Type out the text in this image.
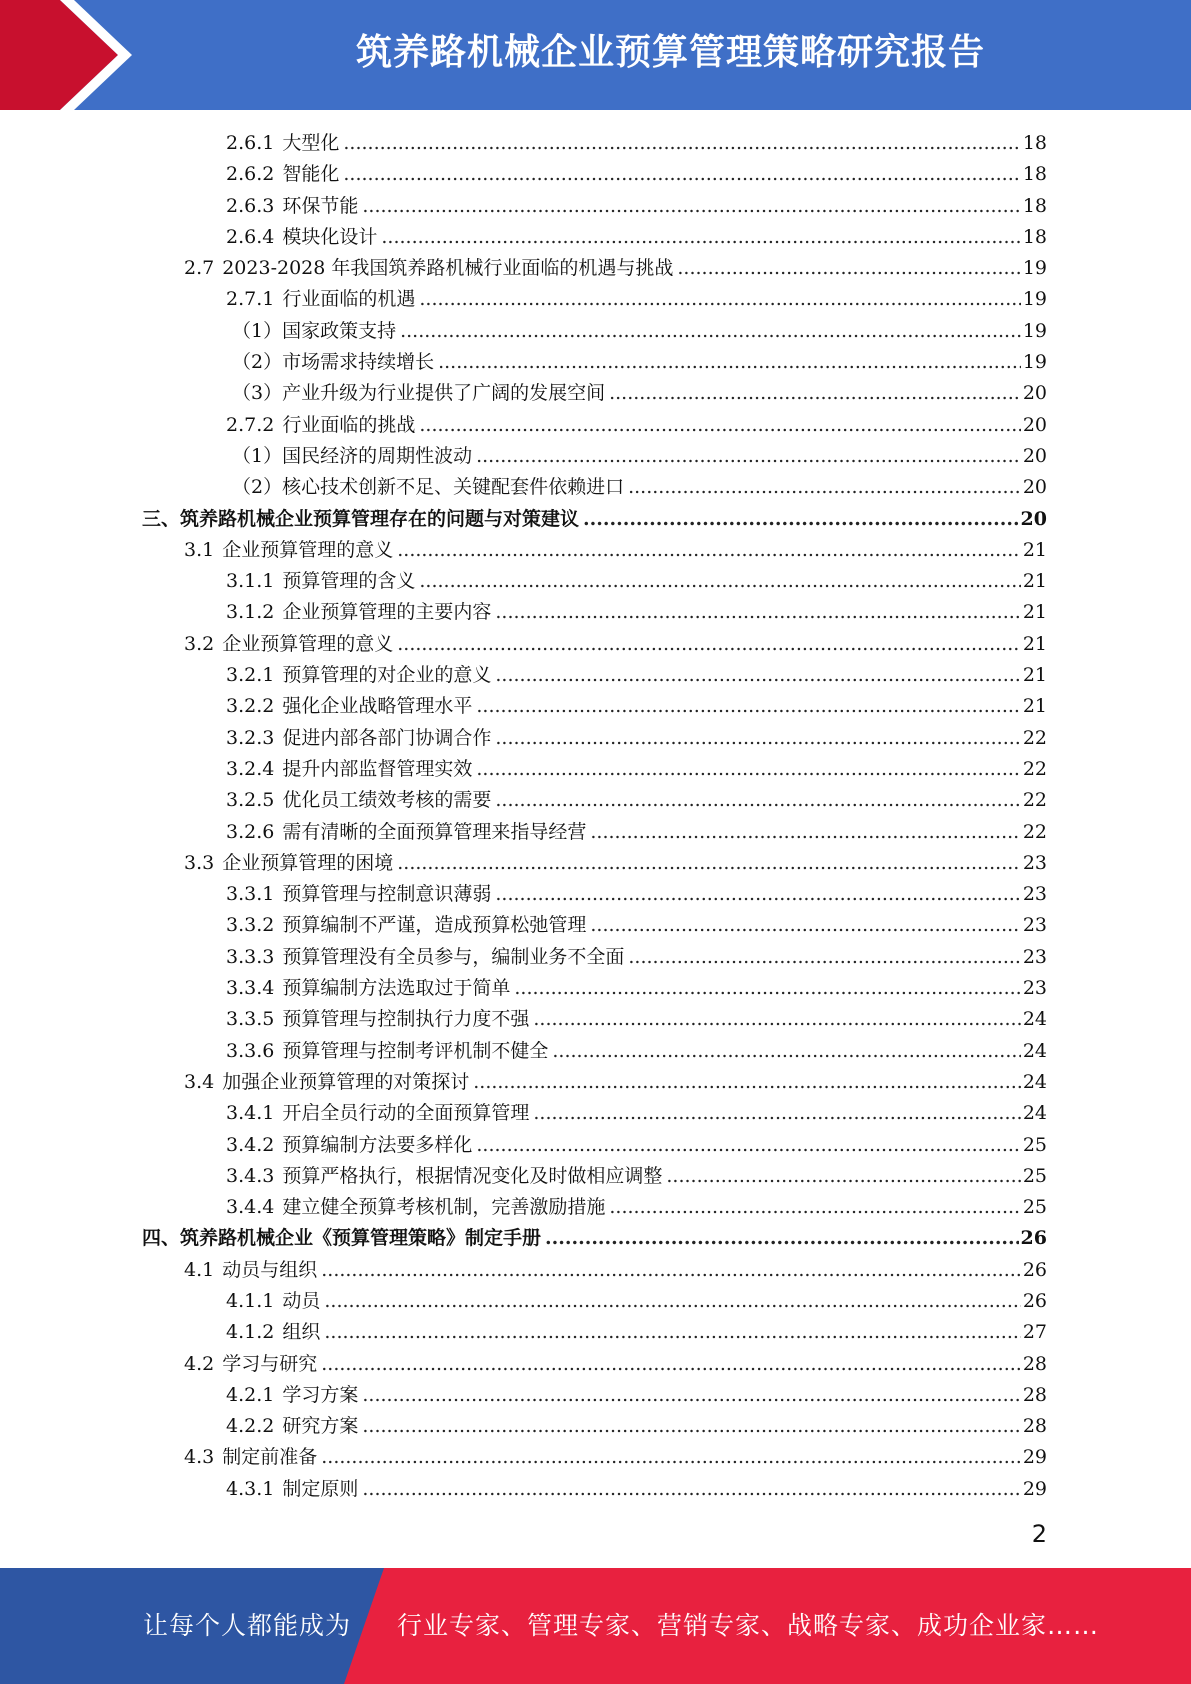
筑养路机械企业预算管理策略研究报告
2.6.1 大型化 .....	18
2.6.2 智能化 .....	18
2.6.3 环保节能 .....	18
2.6.4 模块化设计 .....	18
2.7 2023-2028 年我国筑养路机械行业面临的机遇与挑战 .....	19
2.7.1 行业面临的机遇 .....	19
（1）国家政策支持 .....	19
（2）市场需求持续增长 .....	19
（3）产业升级为行业提供了广阔的发展空间 .....	20
2.7.2 行业面临的挑战 .....	20
（1）国民经济的周期性波动 .....	20
（2）核心技术创新不足、关键配套件依赖进口 .....	20
三、筑养路机械企业预算管理存在的问题与对策建议 .....	20
3.1 企业预算管理的意义 .....	21
3.1.1 预算管理的含义 .....	21
3.1.2 企业预算管理的主要内容 .....	21
3.2 企业预算管理的意义 .....	21
3.2.1 预算管理的对企业的意义 .....	21
3.2.2 强化企业战略管理水平 .....	21
3.2.3 促进内部各部门协调合作 .....	22
3.2.4 提升内部监督管理实效 .....	22
3.2.5 优化员工绩效考核的需要 .....	22
3.2.6 需有清晰的全面预算管理来指导经营 .....	22
3.3 企业预算管理的困境 .....	23
3.3.1 预算管理与控制意识薄弱 .....	23
3.3.2 预算编制不严谨，造成预算松弛管理 .....	23
3.3.3 预算管理没有全员参与，编制业务不全面 .....	23
3.3.4 预算编制方法选取过于简单 .....	23
3.3.5 预算管理与控制执行力度不强 .....	24
3.3.6 预算管理与控制考评机制不健全 .....	24
3.4 加强企业预算管理的对策探讨 .....	24
3.4.1 开启全员行动的全面预算管理 .....	24
3.4.2 预算编制方法要多样化 .....	25
3.4.3 预算严格执行，根据情况变化及时做相应调整 .....	25
3.4.4 建立健全预算考核机制，完善激励措施 .....	25
四、筑养路机械企业《预算管理策略》制定手册 .....	26
4.1 动员与组织 .....	26
4.1.1 动员 .....	26
4.1.2 组织 .....	27
4.2 学习与研究 .....	28
4.2.1 学习方案 .....	28
4.2.2 研究方案 .....	28
4.3 制定前准备 .....	29
4.3.1 制定原则 .....	29
2
让每个人都能成为 行业专家、管理专家、营销专家、战略专家、成功企业家……
